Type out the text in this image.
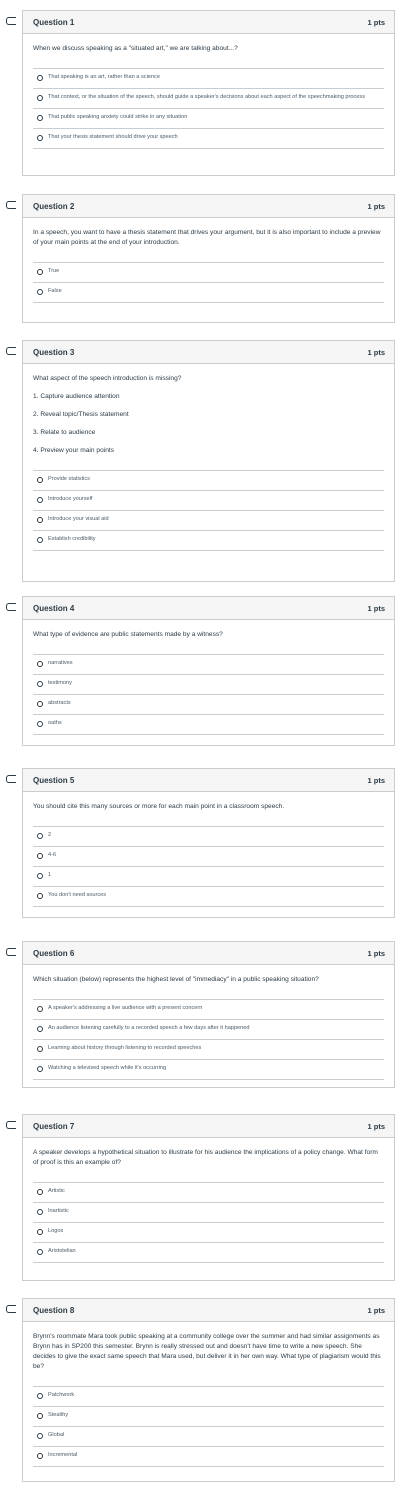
Question 1	1 pts

When we discuss speaking as a "situated art," we are talking about...?

That speaking is an art, rather than a science
That context, or the situation of the speech, should guide a speaker's decisions about each aspect of the speechmaking process
That public speaking anxiety could strike in any situation
That your thesis statement should drive your speech
Question 2	1 pts

In a speech, you want to have a thesis statement that drives your argument, but it is also important to include a preview of your main points at the end of your introduction.

True
False
Question 3	1 pts

What aspect of the speech introduction is missing?

1. Capture audience attention

2. Reveal topic/Thesis statement

3. Relate to audience

4. Preview your main points

Provide statistics
Introduce yourself
Introduce your visual aid
Establish credibility
Question 4	1 pts

What type of evidence are public statements made by a witness?

narratives
testimony
abstracts
oaths
Question 5	1 pts

You should cite this many sources or more for each main point in a classroom speech.

2
4-6
1
You don't need sources
Question 6	1 pts

Which situation (below) represents the highest level of "immediacy" in a public speaking situation?

A speaker's addressing a live audience with a present concern
An audience listening carefully to a recorded speech a few days after it happened
Learning about history through listening to recorded speeches
Watching a televised speech while it's occurring
Question 7	1 pts

A speaker develops a hypothetical situation to illustrate for his audience the implications of a policy change. What form of proof is this an example of?

Artistic
Inartistic
Logos
Aristotelian
Question 8	1 pts

Brynn's roommate Mara took public speaking at a community college over the summer and had similar assignments as Brynn has in SP200 this semester. Brynn is really stressed out and doesn't have time to write a new speech. She decides to give the exact same speech that Mara used, but deliver it in her own way. What type of plagiarism would this be?

Patchwork
Stealthy
Global
Incremental
